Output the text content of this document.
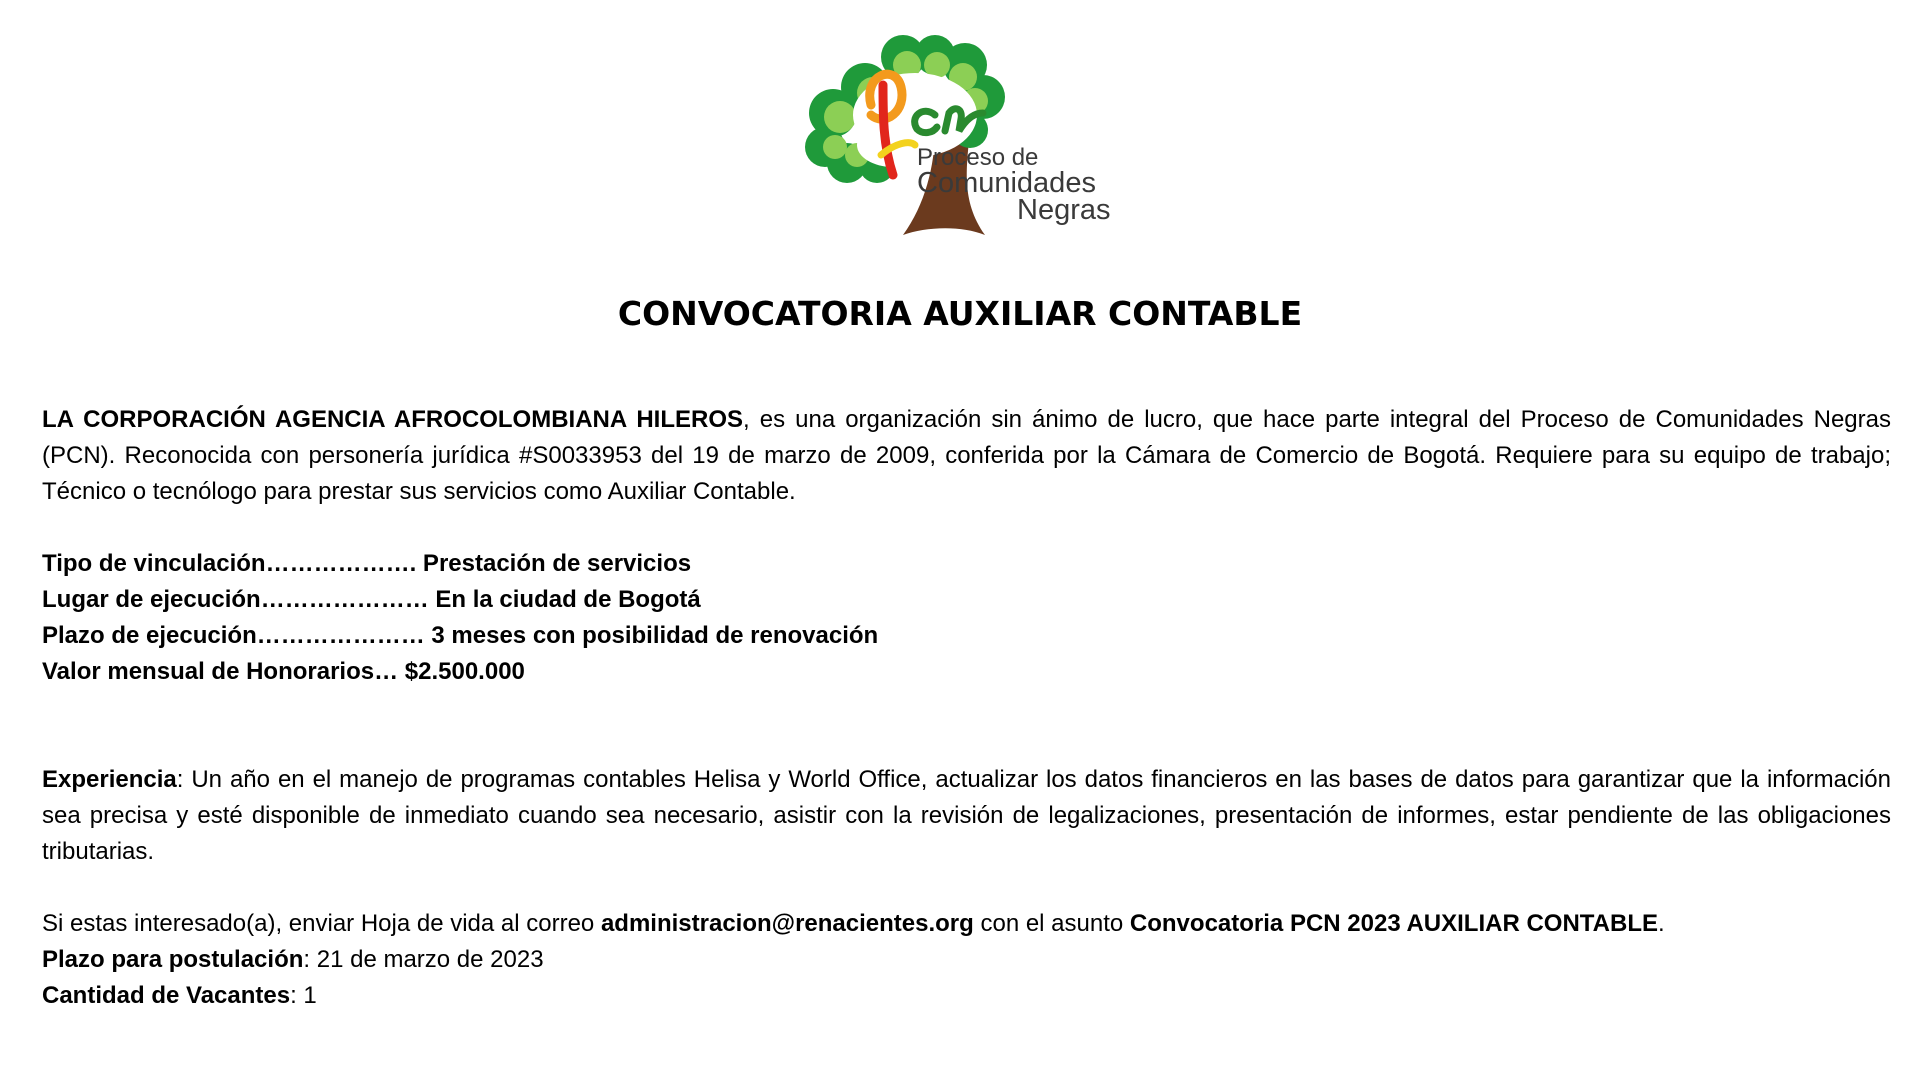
Proceso de
Comunidades
Negras
CONVOCATORIA AUXILIAR CONTABLE

LA CORPORACIÓN AGENCIA AFROCOLOMBIANA HILEROS, es una organización sin ánimo de lucro, que hace parte integral del Proceso de Comunidades Negras (PCN). Reconocida con personería jurídica #S0033953 del 19 de marzo de 2009, conferida por la Cámara de Comercio de Bogotá. Requiere para su equipo de trabajo; Técnico o tecnólogo para prestar sus servicios como Auxiliar Contable.

Tipo de vinculación………………. Prestación de servicios

Lugar de ejecución………………… En la ciudad de Bogotá

Plazo de ejecución………………… 3 meses con posibilidad de renovación

Valor mensual de Honorarios… $2.500.000

Experiencia: Un año en el manejo de programas contables Helisa y World Office, actualizar los datos financieros en las bases de datos para garantizar que la información sea precisa y esté disponible de inmediato cuando sea necesario, asistir con la revisión de legalizaciones, presentación de informes, estar pendiente de las obligaciones tributarias.

Si estas interesado(a), enviar Hoja de vida al correo administracion@renacientes.org con el asunto Convocatoria PCN 2023 AUXILIAR CONTABLE.

Plazo para postulación: 21 de marzo de 2023

Cantidad de Vacantes: 1
